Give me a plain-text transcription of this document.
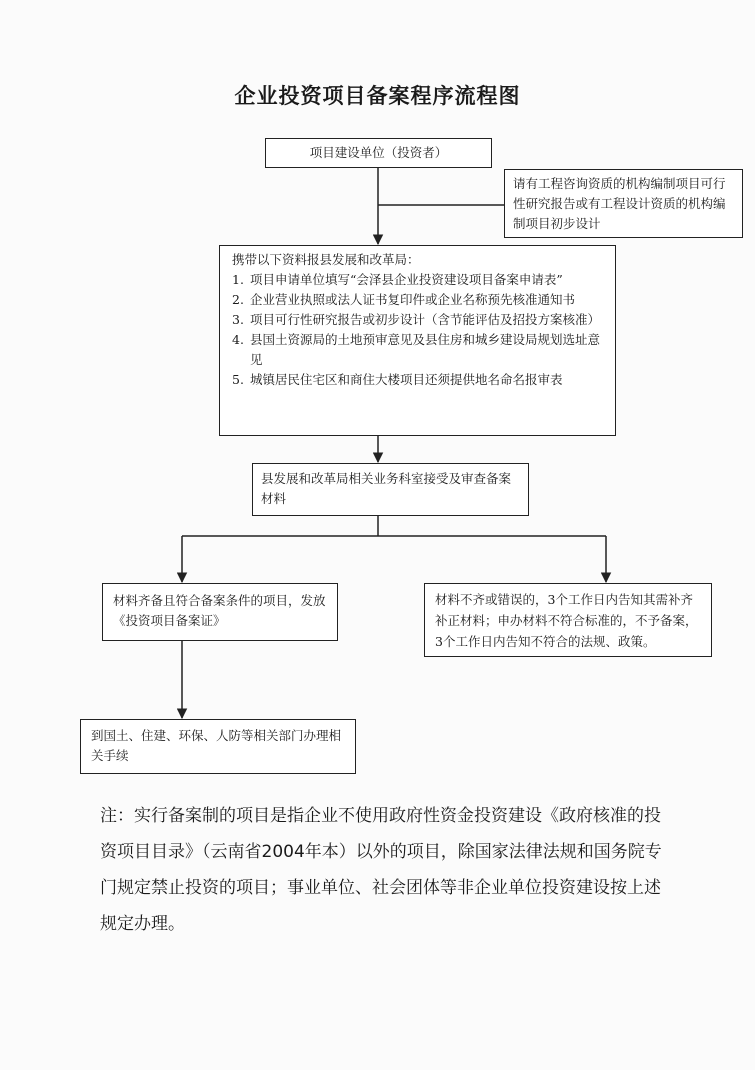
企业投资项目备案程序流程图
项目建设单位（投资者）
请有工程咨询资质的机构编制项目可行性研究报告或有工程设计资质的机构编制项目初步设计
携带以下资料报县发展和改革局：
1. 项目申请单位填写“会泽县企业投资建设项目备案申请表”
2. 企业营业执照或法人证书复印件或企业名称预先核准通知书
3. 项目可行性研究报告或初步设计（含节能评估及招投方案核准）
4. 县国土资源局的土地预审意见及县住房和城乡建设局规划选址意见
5. 城镇居民住宅区和商住大楼项目还须提供地名命名报审表
县发展和改革局相关业务科室接受及审查备案材料
材料齐备且符合备案条件的项目，发放《投资项目备案证》
材料不齐或错误的，3个工作日内告知其需补齐补正材料；申办材料不符合标准的，不予备案，3个工作日内告知不符合的法规、政策。
到国土、住建、环保、人防等相关部门办理相关手续
注：实行备案制的项目是指企业不使用政府性资金投资建设《政府核准的投资项目目录》（云南省2004年本）以外的项目，除国家法律法规和国务院专门规定禁止投资的项目；事业单位、社会团体等非企业单位投资建设按上述规定办理。
